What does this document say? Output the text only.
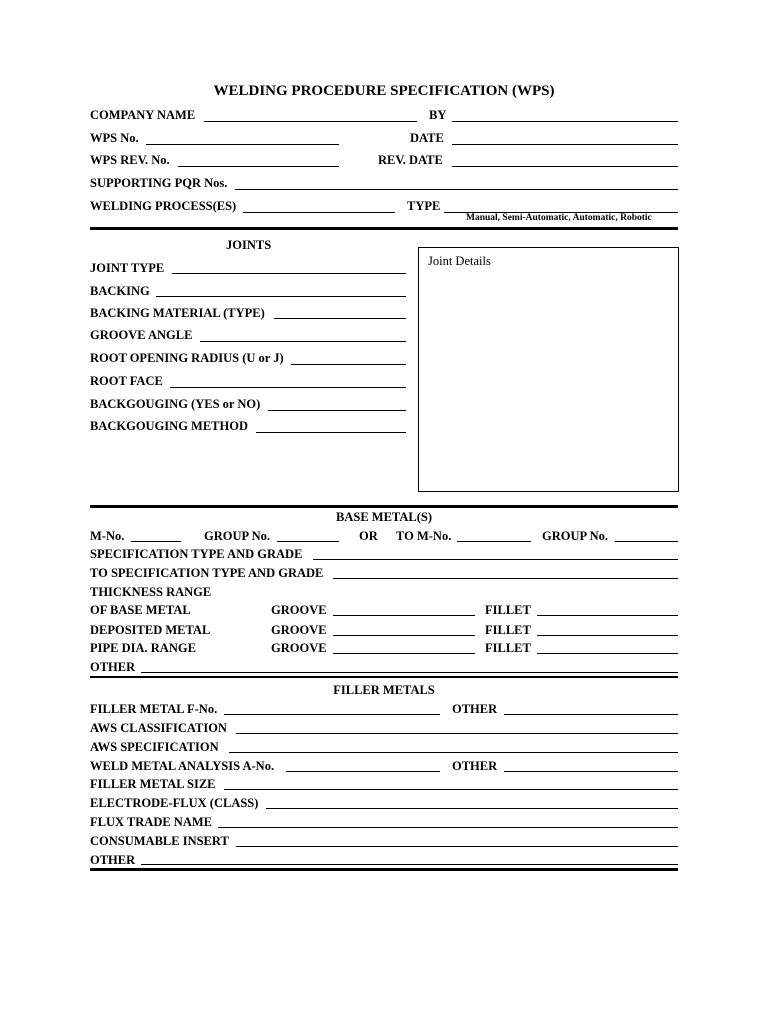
WELDING PROCEDURE SPECIFICATION (WPS)
COMPANY NAME	BY
WPS No.	DATE
WPS REV. No.	REV. DATE
SUPPORTING PQR Nos.
WELDING PROCESS(ES)	TYPE
Manual, Semi-Automatic, Automatic, Robotic
JOINTS
JOINT TYPE
BACKING
BACKING MATERIAL (TYPE)
GROOVE ANGLE
ROOT OPENING RADIUS (U or J)
ROOT FACE
BACKGOUGING (YES or NO)
BACKGOUGING METHOD
Joint Details
BASE METAL(S)
M-No.	GROUP No.	OR TO M-No.	GROUP No.
SPECIFICATION TYPE AND GRADE
TO SPECIFICATION TYPE AND GRADE
THICKNESS RANGE
OF BASE METAL	GROOVE	FILLET
DEPOSITED METAL	GROOVE	FILLET
PIPE DIA. RANGE	GROOVE	FILLET
OTHER
FILLER METALS
FILLER METAL F-No.	OTHER
AWS CLASSIFICATION
AWS SPECIFICATION
WELD METAL ANALYSIS A-No.	OTHER
FILLER METAL SIZE
ELECTRODE-FLUX (CLASS)
FLUX TRADE NAME
CONSUMABLE INSERT
OTHER
